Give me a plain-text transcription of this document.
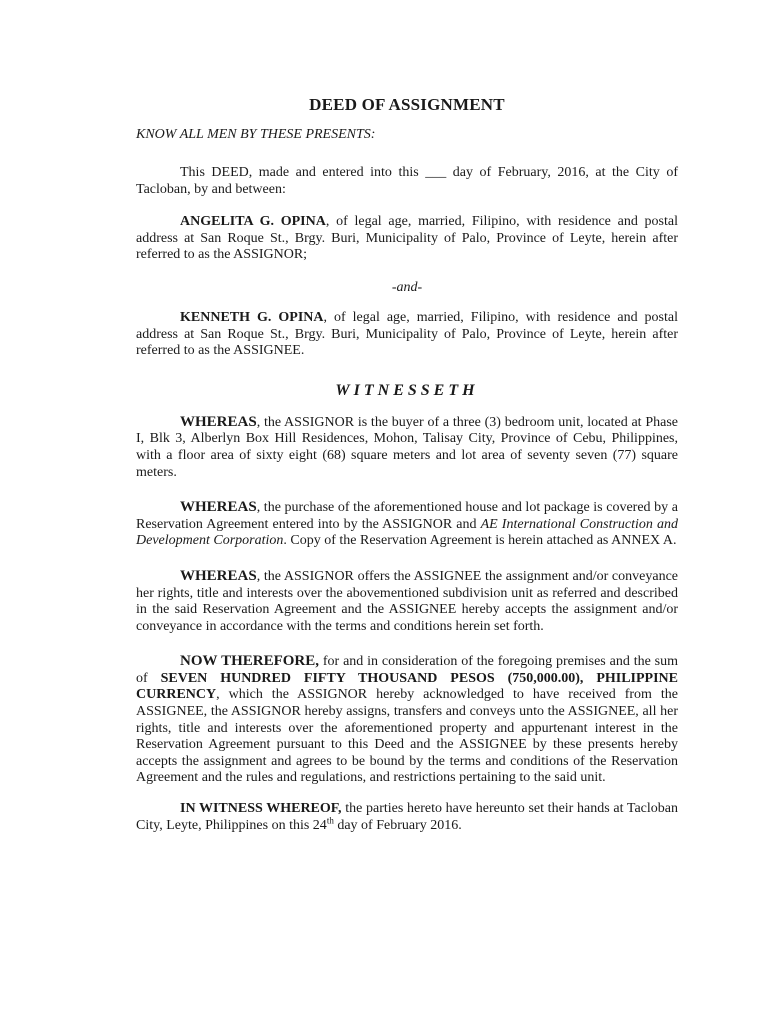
DEED OF ASSIGNMENT
KNOW ALL MEN BY THESE PRESENTS:

This DEED, made and entered into this ___ day of February, 2016, at the City of Tacloban, by and between:

ANGELITA G. OPINA, of legal age, married, Filipino, with residence and postal address at San Roque St., Brgy. Buri, Municipality of Palo, Province of Leyte, herein after referred to as the ASSIGNOR;

-and-

KENNETH G. OPINA, of legal age, married, Filipino, with residence and postal address at San Roque St., Brgy. Buri, Municipality of Palo, Province of Leyte, herein after referred to as the ASSIGNEE.

WITNESSETH

WHEREAS, the ASSIGNOR is the buyer of a three (3) bedroom unit, located at Phase I, Blk 3, Alberlyn Box Hill Residences, Mohon, Talisay City, Province of Cebu, Philippines, with a floor area of sixty eight (68) square meters and lot area of seventy seven (77) square meters.

WHEREAS, the purchase of the aforementioned house and lot package is covered by a Reservation Agreement entered into by the ASSIGNOR and AE International Construction and Development Corporation. Copy of the Reservation Agreement is herein attached as ANNEX A.

WHEREAS, the ASSIGNOR offers the ASSIGNEE the assignment and/or conveyance her rights, title and interests over the abovementioned subdivision unit as referred and described in the said Reservation Agreement and the ASSIGNEE hereby accepts the assignment and/or conveyance in accordance with the terms and conditions herein set forth.

NOW THEREFORE, for and in consideration of the foregoing premises and the sum of SEVEN HUNDRED FIFTY THOUSAND PESOS (750,000.00), PHILIPPINE CURRENCY, which the ASSIGNOR hereby acknowledged to have received from the ASSIGNEE, the ASSIGNOR hereby assigns, transfers and conveys unto the ASSIGNEE, all her rights, title and interests over the aforementioned property and appurtenant interest in the Reservation Agreement pursuant to this Deed and the ASSIGNEE by these presents hereby accepts the assignment and agrees to be bound by the terms and conditions of the Reservation Agreement and the rules and regulations, and restrictions pertaining to the said unit.

IN WITNESS WHEREOF, the parties hereto have hereunto set their hands at Tacloban City, Leyte, Philippines on this 24th day of February 2016.
